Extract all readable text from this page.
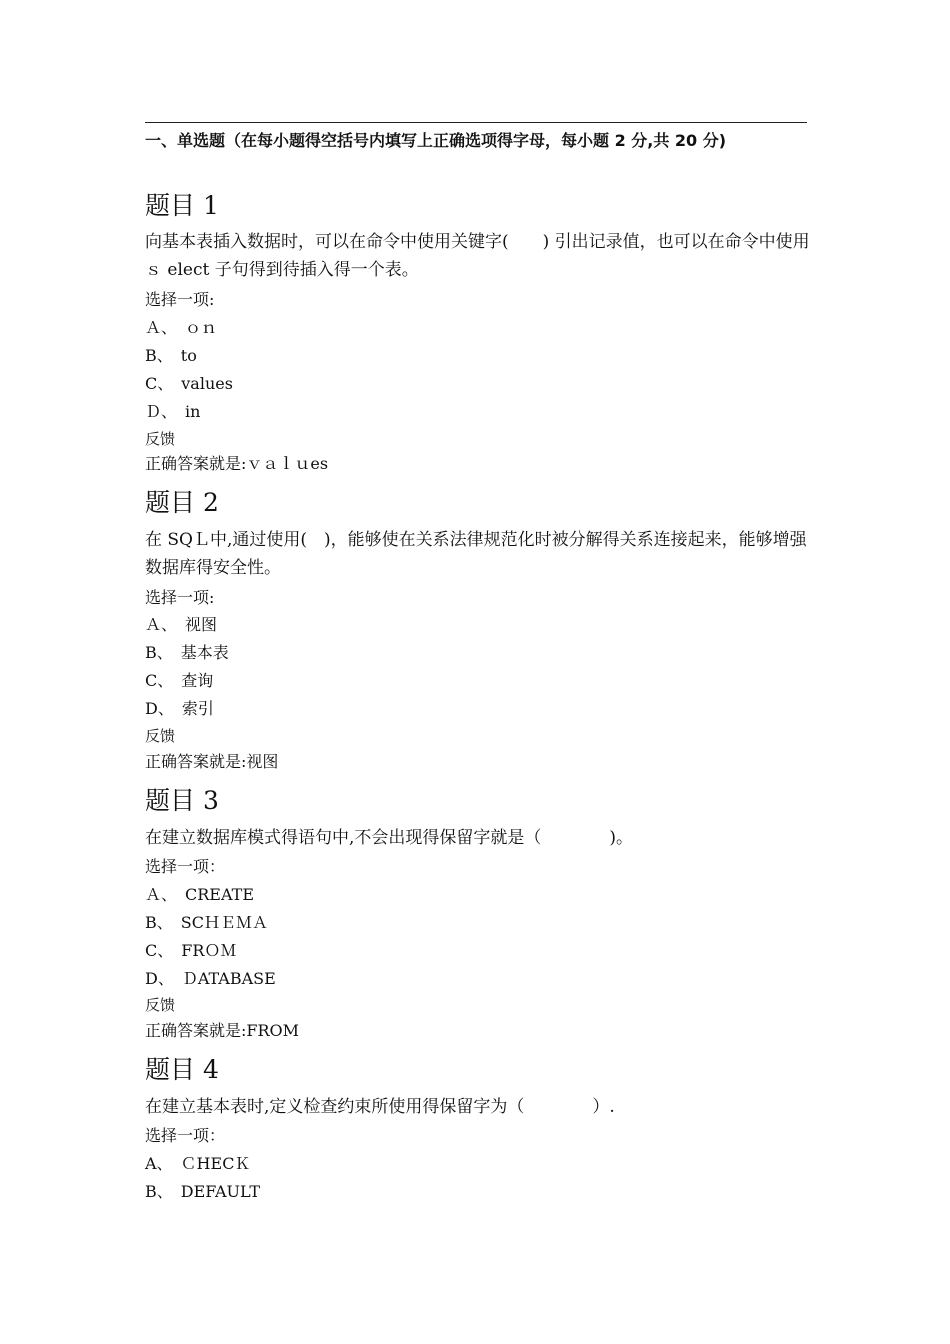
一、单选题（在每小题得空括号内填写上正确选项得字母，每小题 2 分,共 20 分)
题目 1
向基本表插入数据时，可以在命令中使用关键字(　　) 引出记录值，也可以在命令中使用ｓ elect 子句得到待插入得一个表。
选择一项:
Ａ、　ｏｎ
B、　to
C、　values
Ｄ、　in
反馈
正确答案就是:ｖａｌｕes
题目 2
在 SQＬ中,通过使用(　)，能够使在关系法律规范化时被分解得关系连接起来，能够增强数据库得安全性。
选择一项:
Ａ、　视图
B、　基本表
C、　查询
D、　索引
反馈
正确答案就是:视图
题目 3
在建立数据库模式得语句中,不会出现得保留字就是（　　　　)。
选择一项：
Ａ、　CREATE
B、　SCＨＥＭＡ
C、　FRＯＭ
D、　ＤATABASE
反馈
正确答案就是:FROM
题目 4
在建立基本表时,定义检查约束所使用得保留字为（　　　　）.
选择一项：
A、　ＣHECＫ
B、　DEFAULT
